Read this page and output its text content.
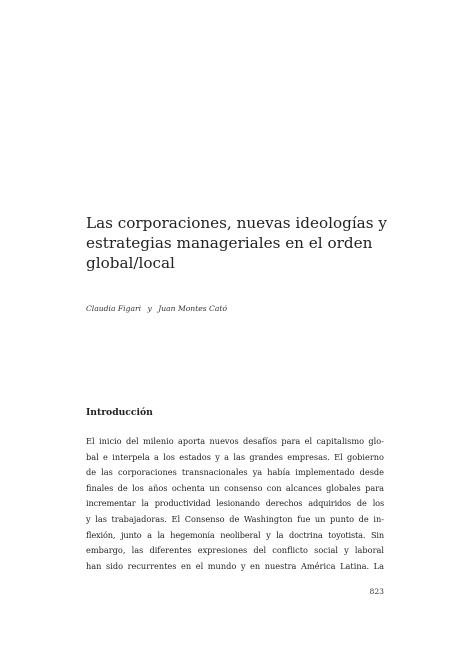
Las corporaciones, nuevas ideologías y
estrategias manageriales en el orden
global/local
Claudia Figari y Juan Montes Cató
Introducción
El inicio del milenio aporta nuevos desafíos para el capitalismo glo-
bal e interpela a los estados y a las grandes empresas. El gobierno
de las corporaciones transnacionales ya había implementado desde
finales de los años ochenta un consenso con alcances globales para
incrementar la productividad lesionando derechos adquiridos de los
y las trabajadoras. El Consenso de Washington fue un punto de in-
flexión, junto a la hegemonía neoliberal y la doctrina toyotista. Sin
embargo, las diferentes expresiones del conflicto social y laboral
han sido recurrentes en el mundo y en nuestra América Latina. La
823
